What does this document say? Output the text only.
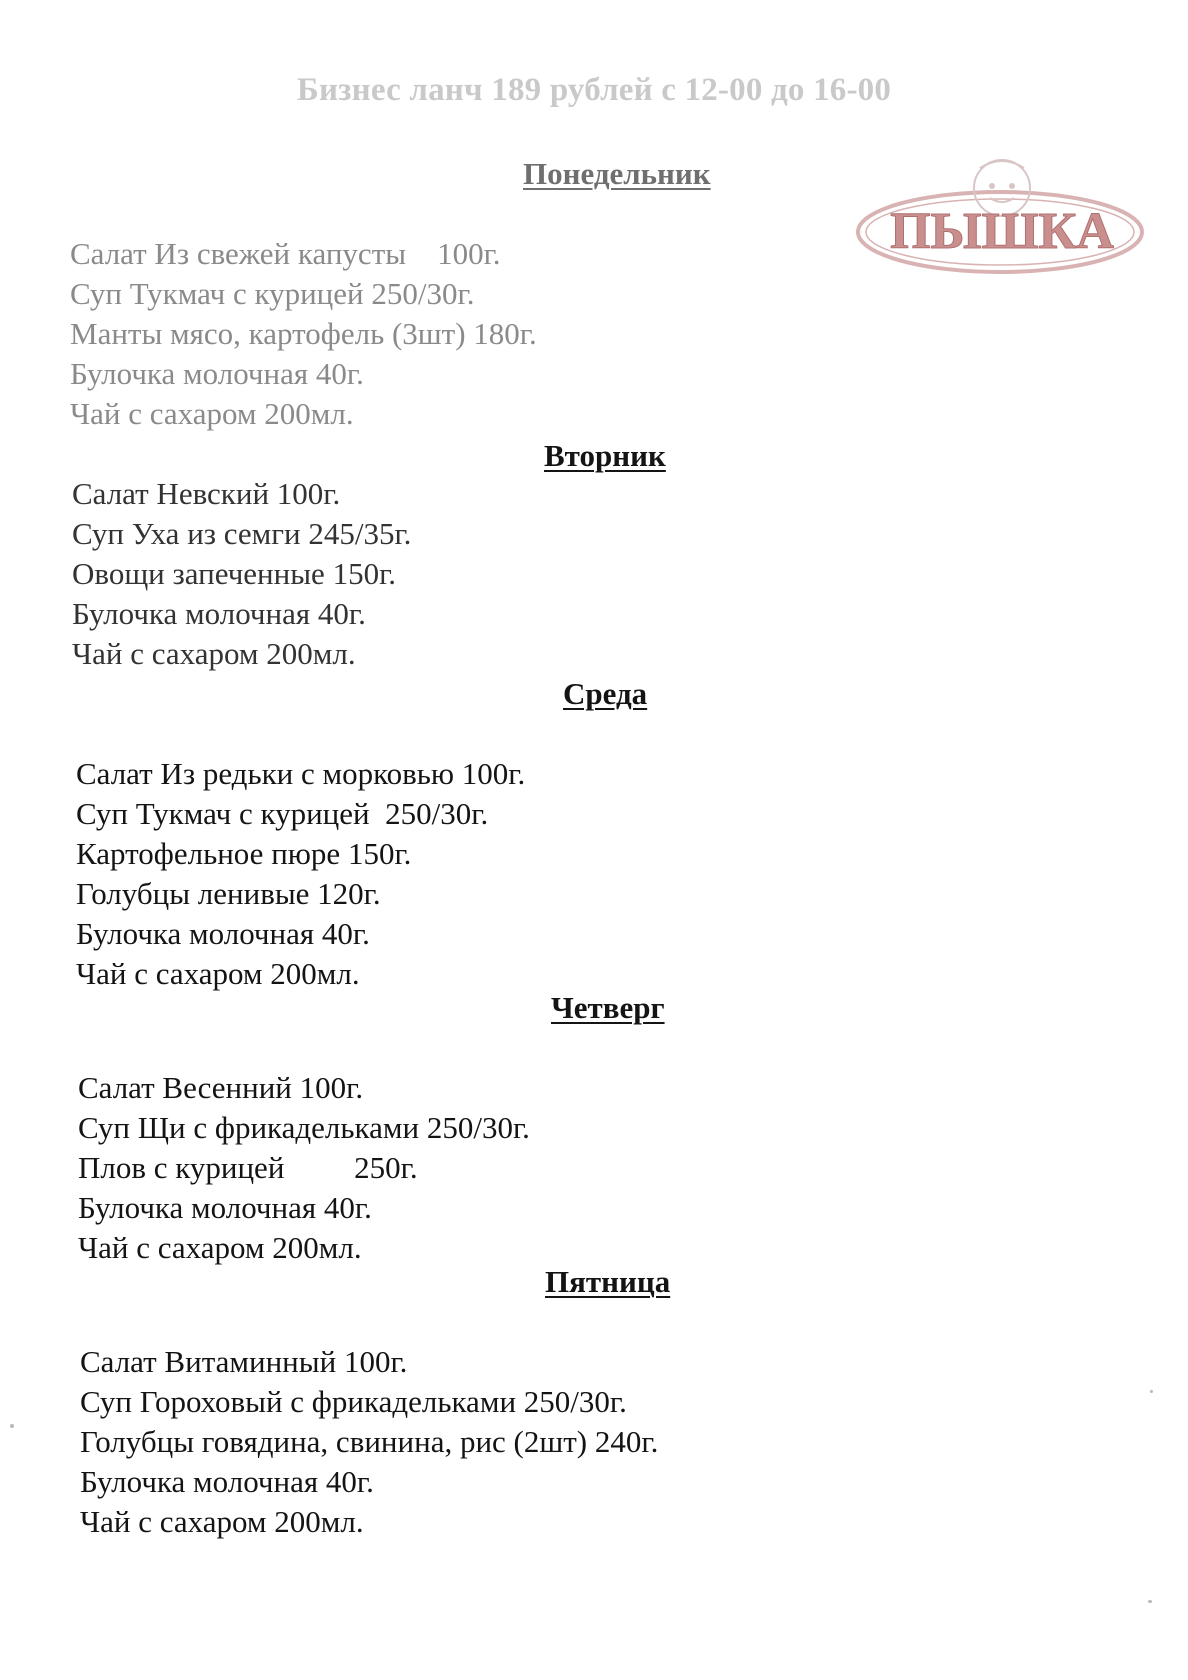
Бизнес ланч 189 рублей с 12-00 до 16-00
ПЫШКА
Понедельник
Салат Из свежей капусты    100г.
Суп Тукмач с курицей 250/30г.
Манты мясо, картофель (3шт) 180г.
Булочка молочная 40г.
Чай с сахаром 200мл.
Вторник
Салат Невский 100г.
Суп Уха из семги 245/35г.
Овощи запеченные 150г.
Булочка молочная 40г.
Чай с сахаром 200мл.
Среда
Салат Из редьки с морковью 100г.
Суп Тукмач с курицей  250/30г.
Картофельное пюре 150г.
Голубцы ленивые 120г.
Булочка молочная 40г.
Чай с сахаром 200мл.
Четверг
Салат Весенний 100г.
Суп Щи с фрикадельками 250/30г.
Плов с курицей         250г.
Булочка молочная 40г.
Чай с сахаром 200мл.
Пятница
Салат Витаминный 100г.
Суп Гороховый с фрикадельками 250/30г.
Голубцы говядина, свинина, рис (2шт) 240г.
Булочка молочная 40г.
Чай с сахаром 200мл.
